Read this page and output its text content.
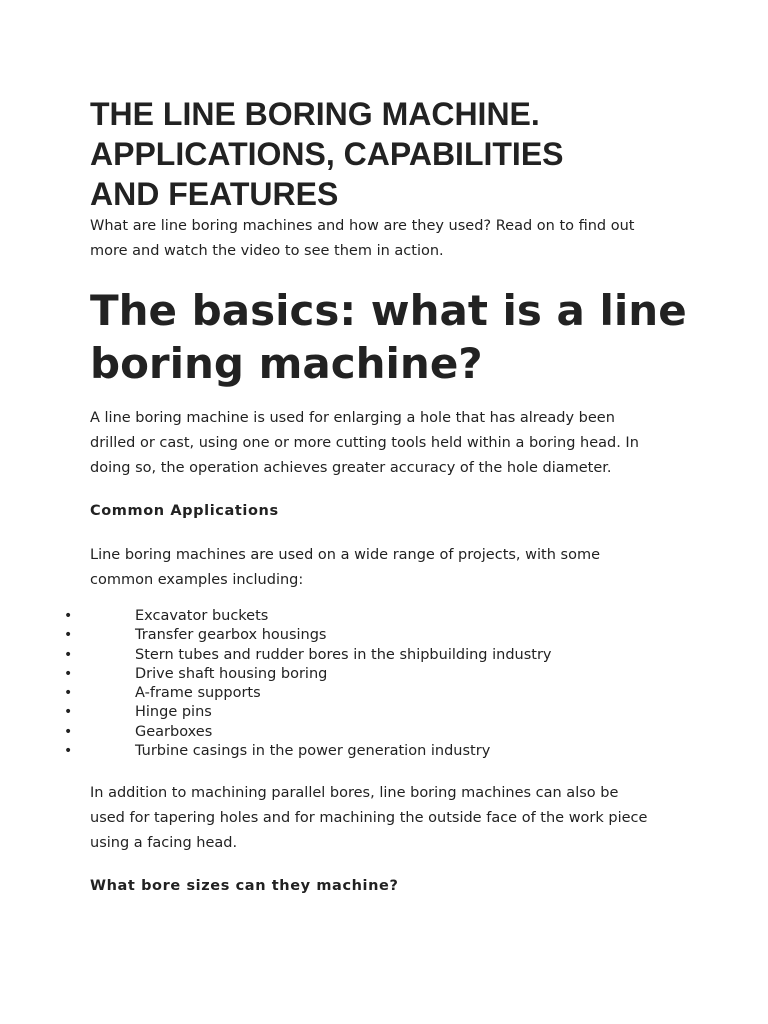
THE LINE BORING MACHINE.
APPLICATIONS, CAPABILITIES
AND FEATURES

What are line boring machines and how are they used? Read on to find out
more and watch the video to see them in action.

The basics: what is a line
boring machine?

A line boring machine is used for enlarging a hole that has already been
drilled or cast, using one or more cutting tools held within a boring head. In
doing so, the operation achieves greater accuracy of the hole diameter.

Common Applications

Line boring machines are used on a wide range of projects, with some
common examples including:

•	Excavator buckets
•	Transfer gearbox housings
•	Stern tubes and rudder bores in the shipbuilding industry
•	Drive shaft housing boring
•	A-frame supports
•	Hinge pins
•	Gearboxes
•	Turbine casings in the power generation industry

In addition to machining parallel bores, line boring machines can also be
used for tapering holes and for machining the outside face of the work piece
using a facing head.

What bore sizes can they machine?
